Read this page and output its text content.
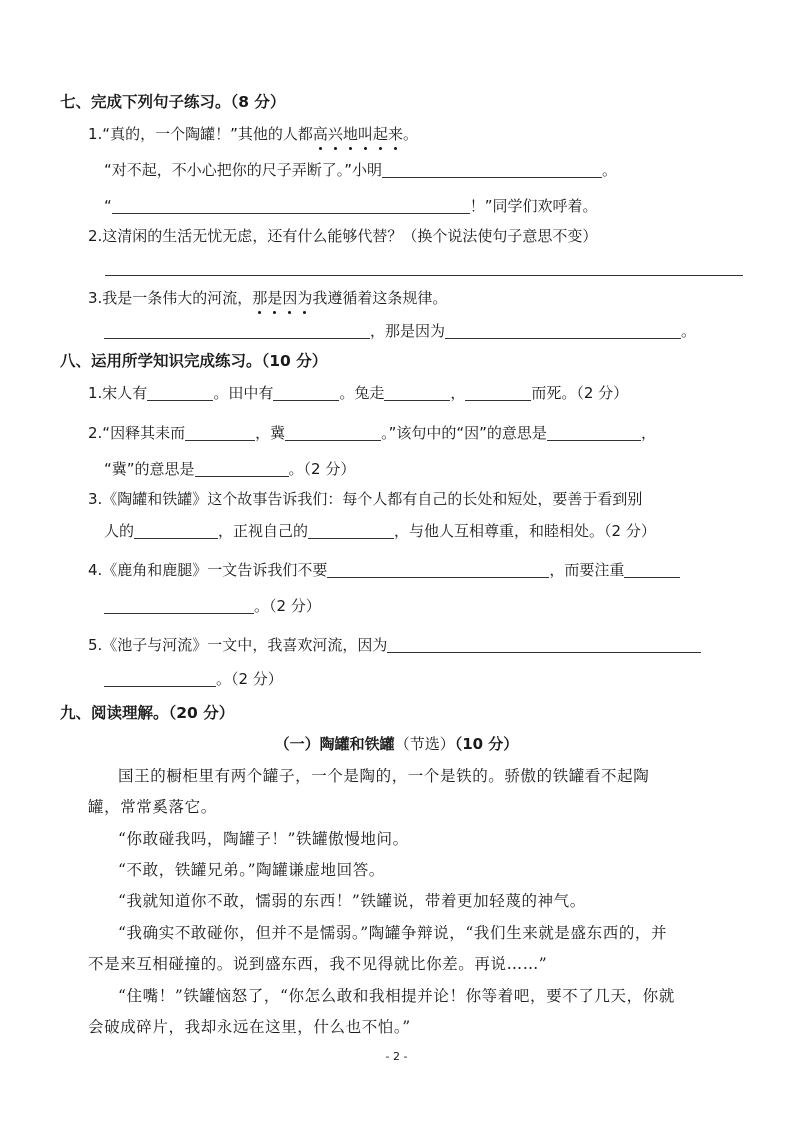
七、完成下列句子练习。（8 分）
1.“真的，一个陶罐！”其他的人都高兴地叫起来。
“对不起，不小心把你的尺子弄断了。”小明	。
“	！”同学们欢呼着。
2.这清闲的生活无忧无虑，还有什么能够代替？（换个说法使句子意思不变）
3.我是一条伟大的河流，那是因为我遵循着这条规律。
，那是因为	。
八、运用所学知识完成练习。（10 分）
1.宋人有	。田中有	。兔走	，	而死。（2 分）
2.“因释其耒而	，冀	。”该句中的“因”的意思是	，
“冀”的意思是	。（2 分）
3.《陶罐和铁罐》这个故事告诉我们：每个人都有自己的长处和短处，要善于看到别
人的	，正视自己的	，与他人互相尊重，和睦相处。（2 分）
4.《鹿角和鹿腿》一文告诉我们不要	，而要注重
。（2 分）
5.《池子与河流》一文中，我喜欢河流，因为
。（2 分）
九、阅读理解。（20 分）
（一）陶罐和铁罐（节选）（10 分）
国王的橱柜里有两个罐子，一个是陶的，一个是铁的。骄傲的铁罐看不起陶
罐，常常奚落它。
“你敢碰我吗，陶罐子！”铁罐傲慢地问。
“不敢，铁罐兄弟。”陶罐谦虚地回答。
“我就知道你不敢，懦弱的东西！”铁罐说，带着更加轻蔑的神气。
“我确实不敢碰你，但并不是懦弱。”陶罐争辩说，“我们生来就是盛东西的，并
不是来互相碰撞的。说到盛东西，我不见得就比你差。再说……”
“住嘴！”铁罐恼怒了，“你怎么敢和我相提并论！你等着吧，要不了几天，你就
会破成碎片，我却永远在这里，什么也不怕。”
- 2 -
